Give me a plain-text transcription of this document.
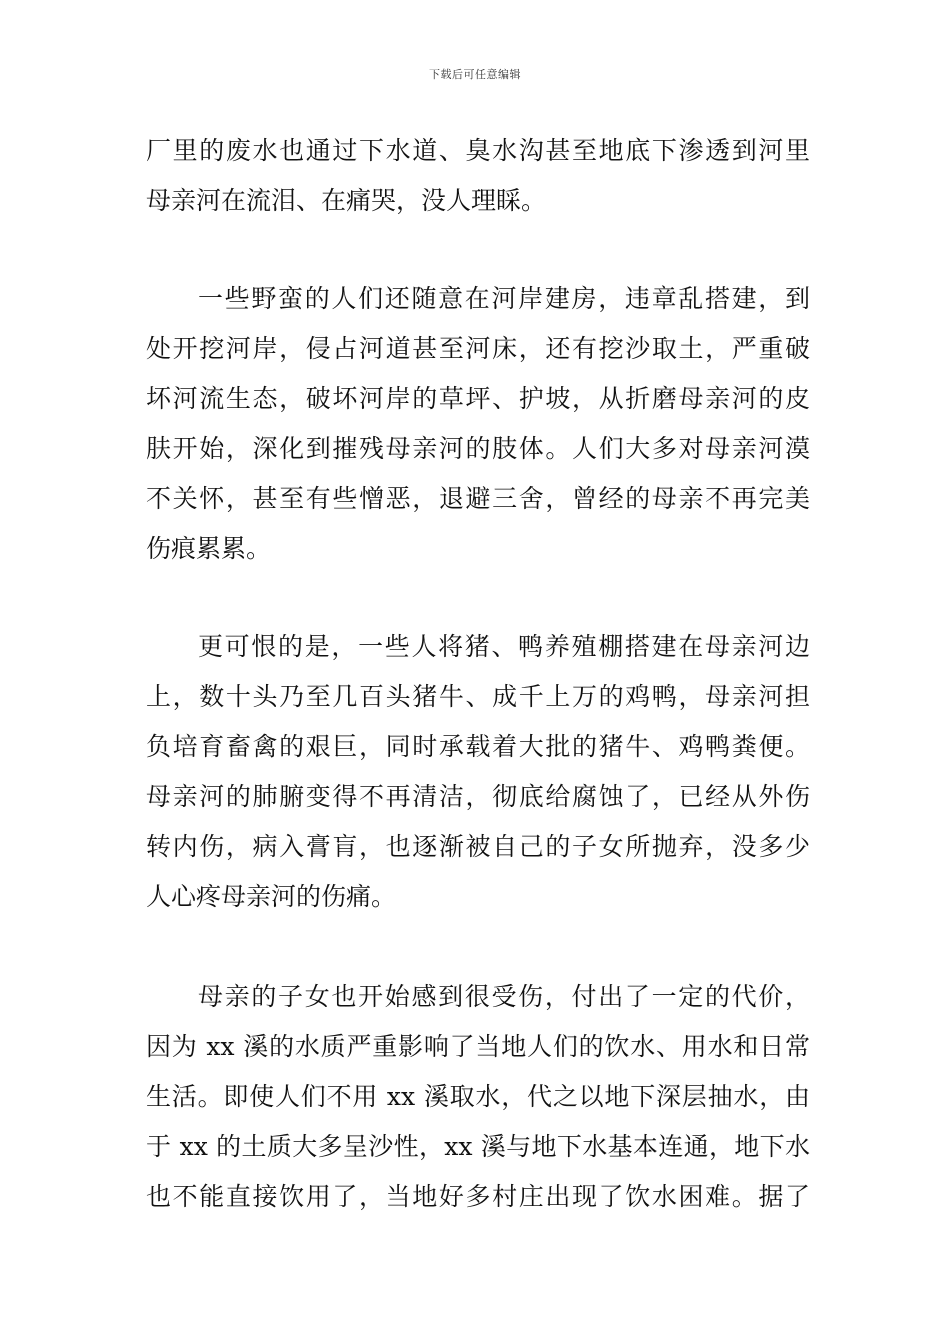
下载后可任意编辑
厂里的废水也通过下水道、臭水沟甚至地底下渗透到河里
母亲河在流泪、在痛哭，没人理睬。
一些野蛮的人们还随意在河岸建房，违章乱搭建，到
处开挖河岸，侵占河道甚至河床，还有挖沙取土，严重破
坏河流生态，破坏河岸的草坪、护坡，从折磨母亲河的皮
肤开始，深化到摧残母亲河的肢体。人们大多对母亲河漠
不关怀，甚至有些憎恶，退避三舍，曾经的母亲不再完美
伤痕累累。
更可恨的是，一些人将猪、鸭养殖棚搭建在母亲河边
上，数十头乃至几百头猪牛、成千上万的鸡鸭，母亲河担
负培育畜禽的艰巨，同时承载着大批的猪牛、鸡鸭粪便。
母亲河的肺腑变得不再清洁，彻底给腐蚀了，已经从外伤
转内伤，病入膏肓，也逐渐被自己的子女所抛弃，没多少
人心疼母亲河的伤痛。
母亲的子女也开始感到很受伤，付出了一定的代价，
因为 xx 溪的水质严重影响了当地人们的饮水、用水和日常
生活。即使人们不用 xx 溪取水，代之以地下深层抽水，由
于 xx 的土质大多呈沙性，xx 溪与地下水基本连通，地下水
也不能直接饮用了，当地好多村庄出现了饮水困难。据了
